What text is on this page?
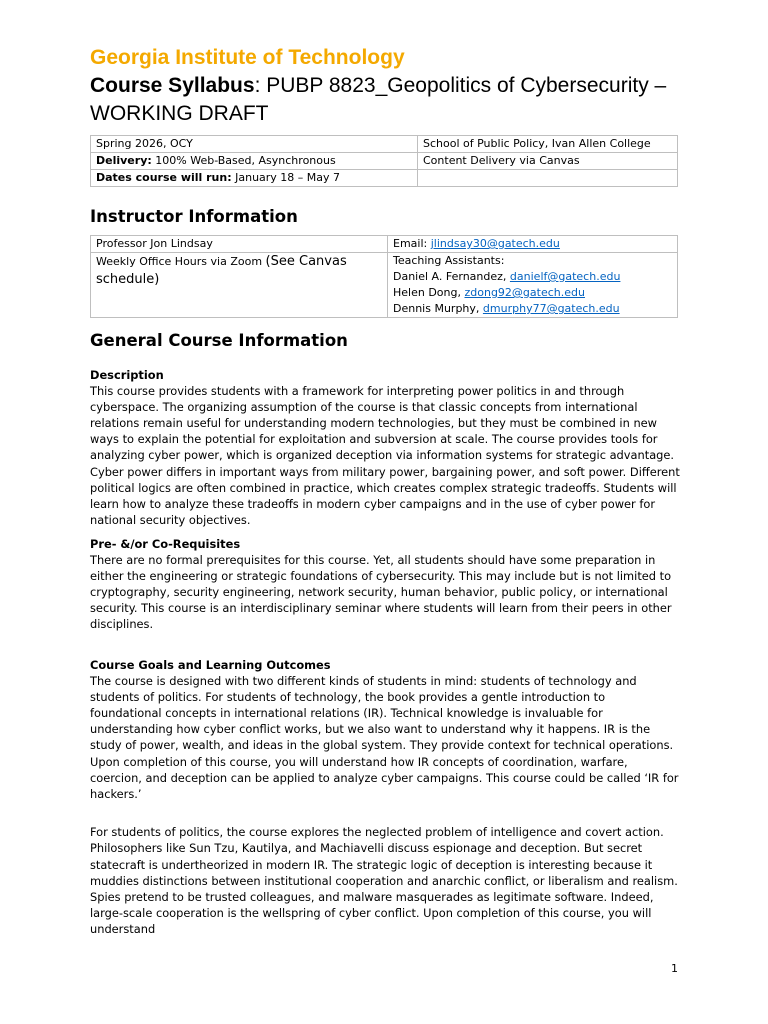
Georgia Institute of Technology
Course Syllabus: PUBP 8823_Geopolitics of Cybersecurity – WORKING DRAFT
Spring 2026, OCY	School of Public Policy, Ivan Allen College
Delivery: 100% Web-Based, Asynchronous	Content Delivery via Canvas
Dates course will run: January 18 – May 7	
Instructor Information
Professor Jon Lindsay	Email: jlindsay30@gatech.edu
Weekly Office Hours via Zoom (See Canvas schedule)	Teaching Assistants:
Daniel A. Fernandez, danielf@gatech.edu
Helen Dong, zdong92@gatech.edu
Dennis Murphy, dmurphy77@gatech.edu
General Course Information
Description

This course provides students with a framework for interpreting power politics in and through cyberspace. The organizing assumption of the course is that classic concepts from international relations remain useful for understanding modern technologies, but they must be combined in new ways to explain the potential for exploitation and subversion at scale. The course provides tools for analyzing cyber power, which is organized deception via information systems for strategic advantage. Cyber power differs in important ways from military power, bargaining power, and soft power. Different political logics are often combined in practice, which creates complex strategic tradeoffs. Students will learn how to analyze these tradeoffs in modern cyber campaigns and in the use of cyber power for national security objectives.

Pre- &/or Co-Requisites

There are no formal prerequisites for this course. Yet, all students should have some preparation in either the engineering or strategic foundations of cybersecurity. This may include but is not limited to cryptography, security engineering, network security, human behavior, public policy, or international security. This course is an interdisciplinary seminar where students will learn from their peers in other disciplines.

Course Goals and Learning Outcomes

The course is designed with two different kinds of students in mind: students of technology and students of politics. For students of technology, the book provides a gentle introduction to foundational concepts in international relations (IR). Technical knowledge is invaluable for understanding how cyber conflict works, but we also want to understand why it happens. IR is the study of power, wealth, and ideas in the global system. They provide context for technical operations. Upon completion of this course, you will understand how IR concepts of coordination, warfare, coercion, and deception can be applied to analyze cyber campaigns. This course could be called ‘IR for hackers.’

For students of politics, the course explores the neglected problem of intelligence and covert action. Philosophers like Sun Tzu, Kautilya, and Machiavelli discuss espionage and deception. But secret statecraft is undertheorized in modern IR. The strategic logic of deception is interesting because it muddies distinctions between institutional cooperation and anarchic conflict, or liberalism and realism. Spies pretend to be trusted colleagues, and malware masquerades as legitimate software. Indeed, large-scale cooperation is the wellspring of cyber conflict. Upon completion of this course, you will understand

1
